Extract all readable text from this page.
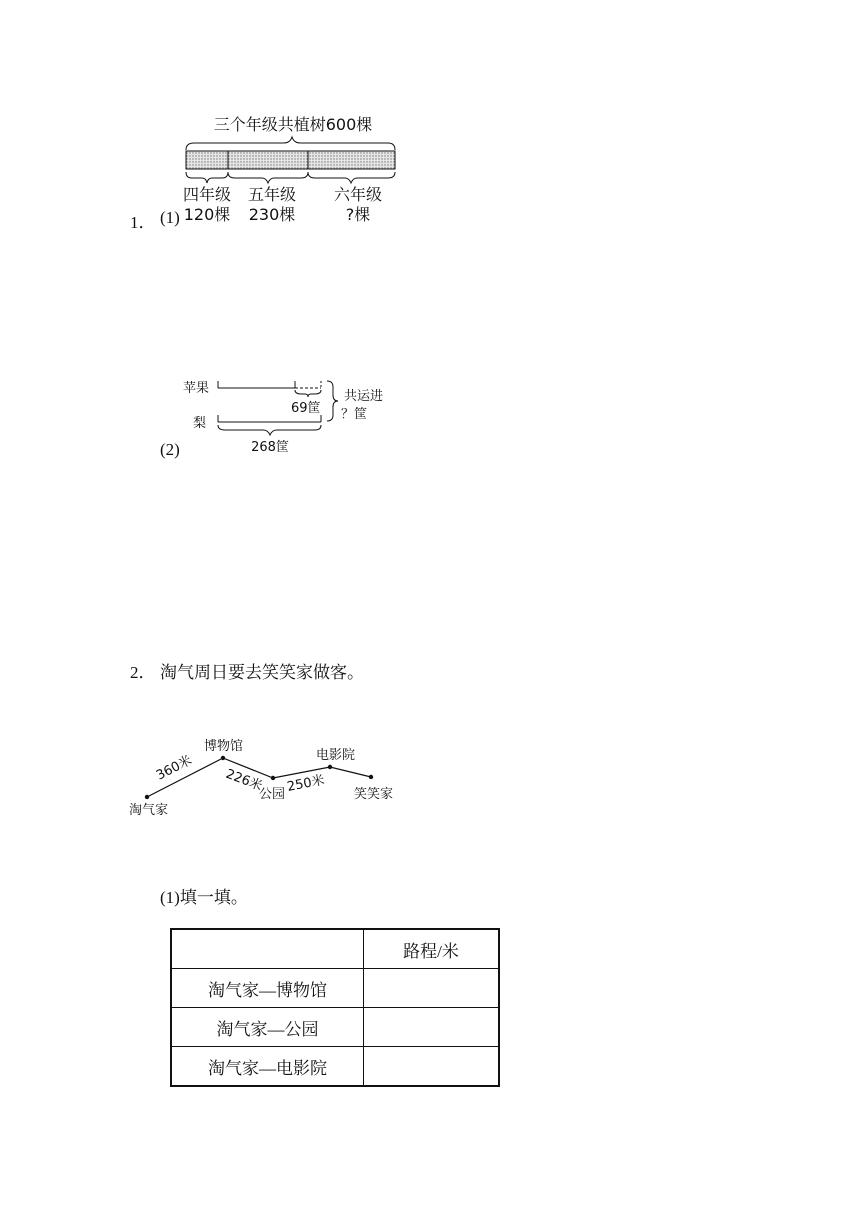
三个年级共植树600棵
四年级 五年级 六年级
120棵 230棵	?棵
1． (1)
苹果
69筐
梨
268筐
共运进
？筐
(2)
2． 淘气周日要去笑笑家做客。
淘气家
博物馆
公园
电影院
笑笑家
360米 226米 250米
(1)填一填。
	路程/米
淘气家—博物馆	
淘气家—公园	
淘气家—电影院	
